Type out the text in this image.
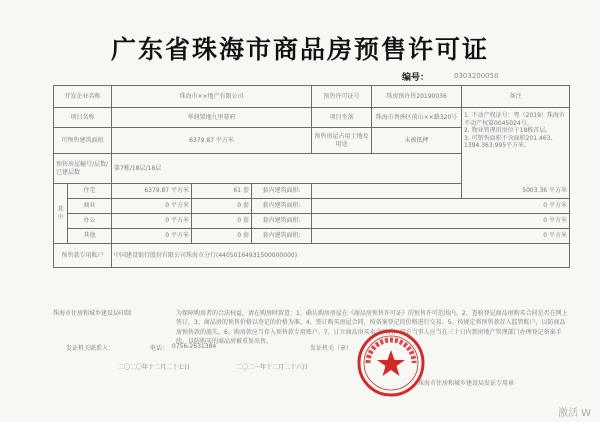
广东省珠海市商品房预售许可证
编号：	0303200050
开发企业名称		珠海市××地产有限公司			预售许可证号	珠房预许售20190036	备注
项目名称		华润置地九里幕府			项目坐落	珠海市香洲区前山××路320号	1. 不动产权证号：粤（2019）珠海市不动产权第0045024号。
2. 物业管理用房位于18栋首层。
3. 可销售面积不含面积201.463、1394.363.995平方米。

可预售建筑面积		6379.87 平方米			预售房屋占用土地及用途	未被抵押	
预售房屋幢号/层数/已建层数		第7栋/18层/18层					
其中	住宅	6379.87 平方米	61 套	套内建筑面积:	5003.36 平方米		
	商业	0 平方米	0 套	套内建筑面积:	0 平方米		
	办公	0 平方米	0 套	套内建筑面积:	0 平方米		
	其他	0 平方米	0 套	套内建筑面积:	0 平方米		
预售款专用账户		中国建设银行股份有限公司珠海市分行(44050164931500000000)					
珠海市住房和城乡建设局印制	为保障购房者的合法权益，请在购房时留意：1、确认购房房屋在《商品房预售许可证》的预售许可范围内。2、查验登记商品房购买合同是否在网上签订，3、商品房的预售价格以登记的价格为准。4、签订购买房屋合同，按备案登记的价格进行交易。5、按规定将预售款存入监管账户，以防商品房预售款的流失。6、购房款应当存入预售款专用账户。7、订立商品房买卖合同后，双方当事人应当在三十日内到房地产管理部门办理登记备案手续。以防购买的商品房被重复出售。
发证机关联系人：	电话： 0756-2631384	发证机关（章）
二〇二〇年十二月二十七日	二〇二一年十二月二十六日
珠海市住房和城乡建设局发证专用章
激活 W
